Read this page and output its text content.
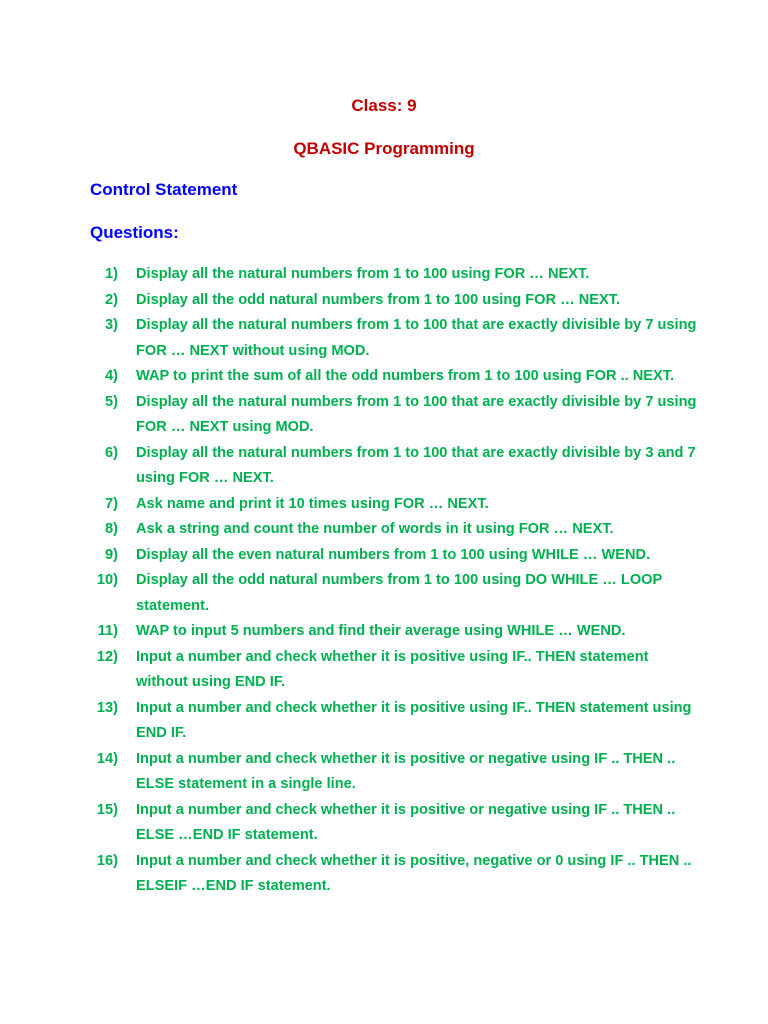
Class: 9
QBASIC Programming
Control Statement
Questions:
1) Display all the natural numbers from 1 to 100 using FOR … NEXT.
2) Display all the odd natural numbers from 1 to 100 using FOR … NEXT.
3) Display all the natural numbers from 1 to 100 that are exactly divisible by 7 using FOR … NEXT without using MOD.
4) WAP to print the sum of all the odd numbers from 1 to 100 using FOR .. NEXT.
5) Display all the natural numbers from 1 to 100 that are exactly divisible by 7 using FOR … NEXT using MOD.
6) Display all the natural numbers from 1 to 100 that are exactly divisible by 3 and 7 using FOR … NEXT.
7) Ask name and print it 10 times using FOR … NEXT.
8) Ask a string and count the number of words in it using FOR … NEXT.
9) Display all the even natural numbers from 1 to 100 using WHILE … WEND.
10) Display all the odd natural numbers from 1 to 100 using DO WHILE … LOOP statement.
11) WAP to input 5 numbers and find their average using WHILE … WEND.
12) Input a number and check whether it is positive using IF.. THEN statement without using END IF.
13) Input a number and check whether it is positive using IF.. THEN statement using END IF.
14) Input a number and check whether it is positive or negative using IF .. THEN .. ELSE statement in a single line.
15) Input a number and check whether it is positive or negative using IF .. THEN .. ELSE …END IF statement.
16) Input a number and check whether it is positive, negative or 0 using IF .. THEN .. ELSEIF …END IF statement.
